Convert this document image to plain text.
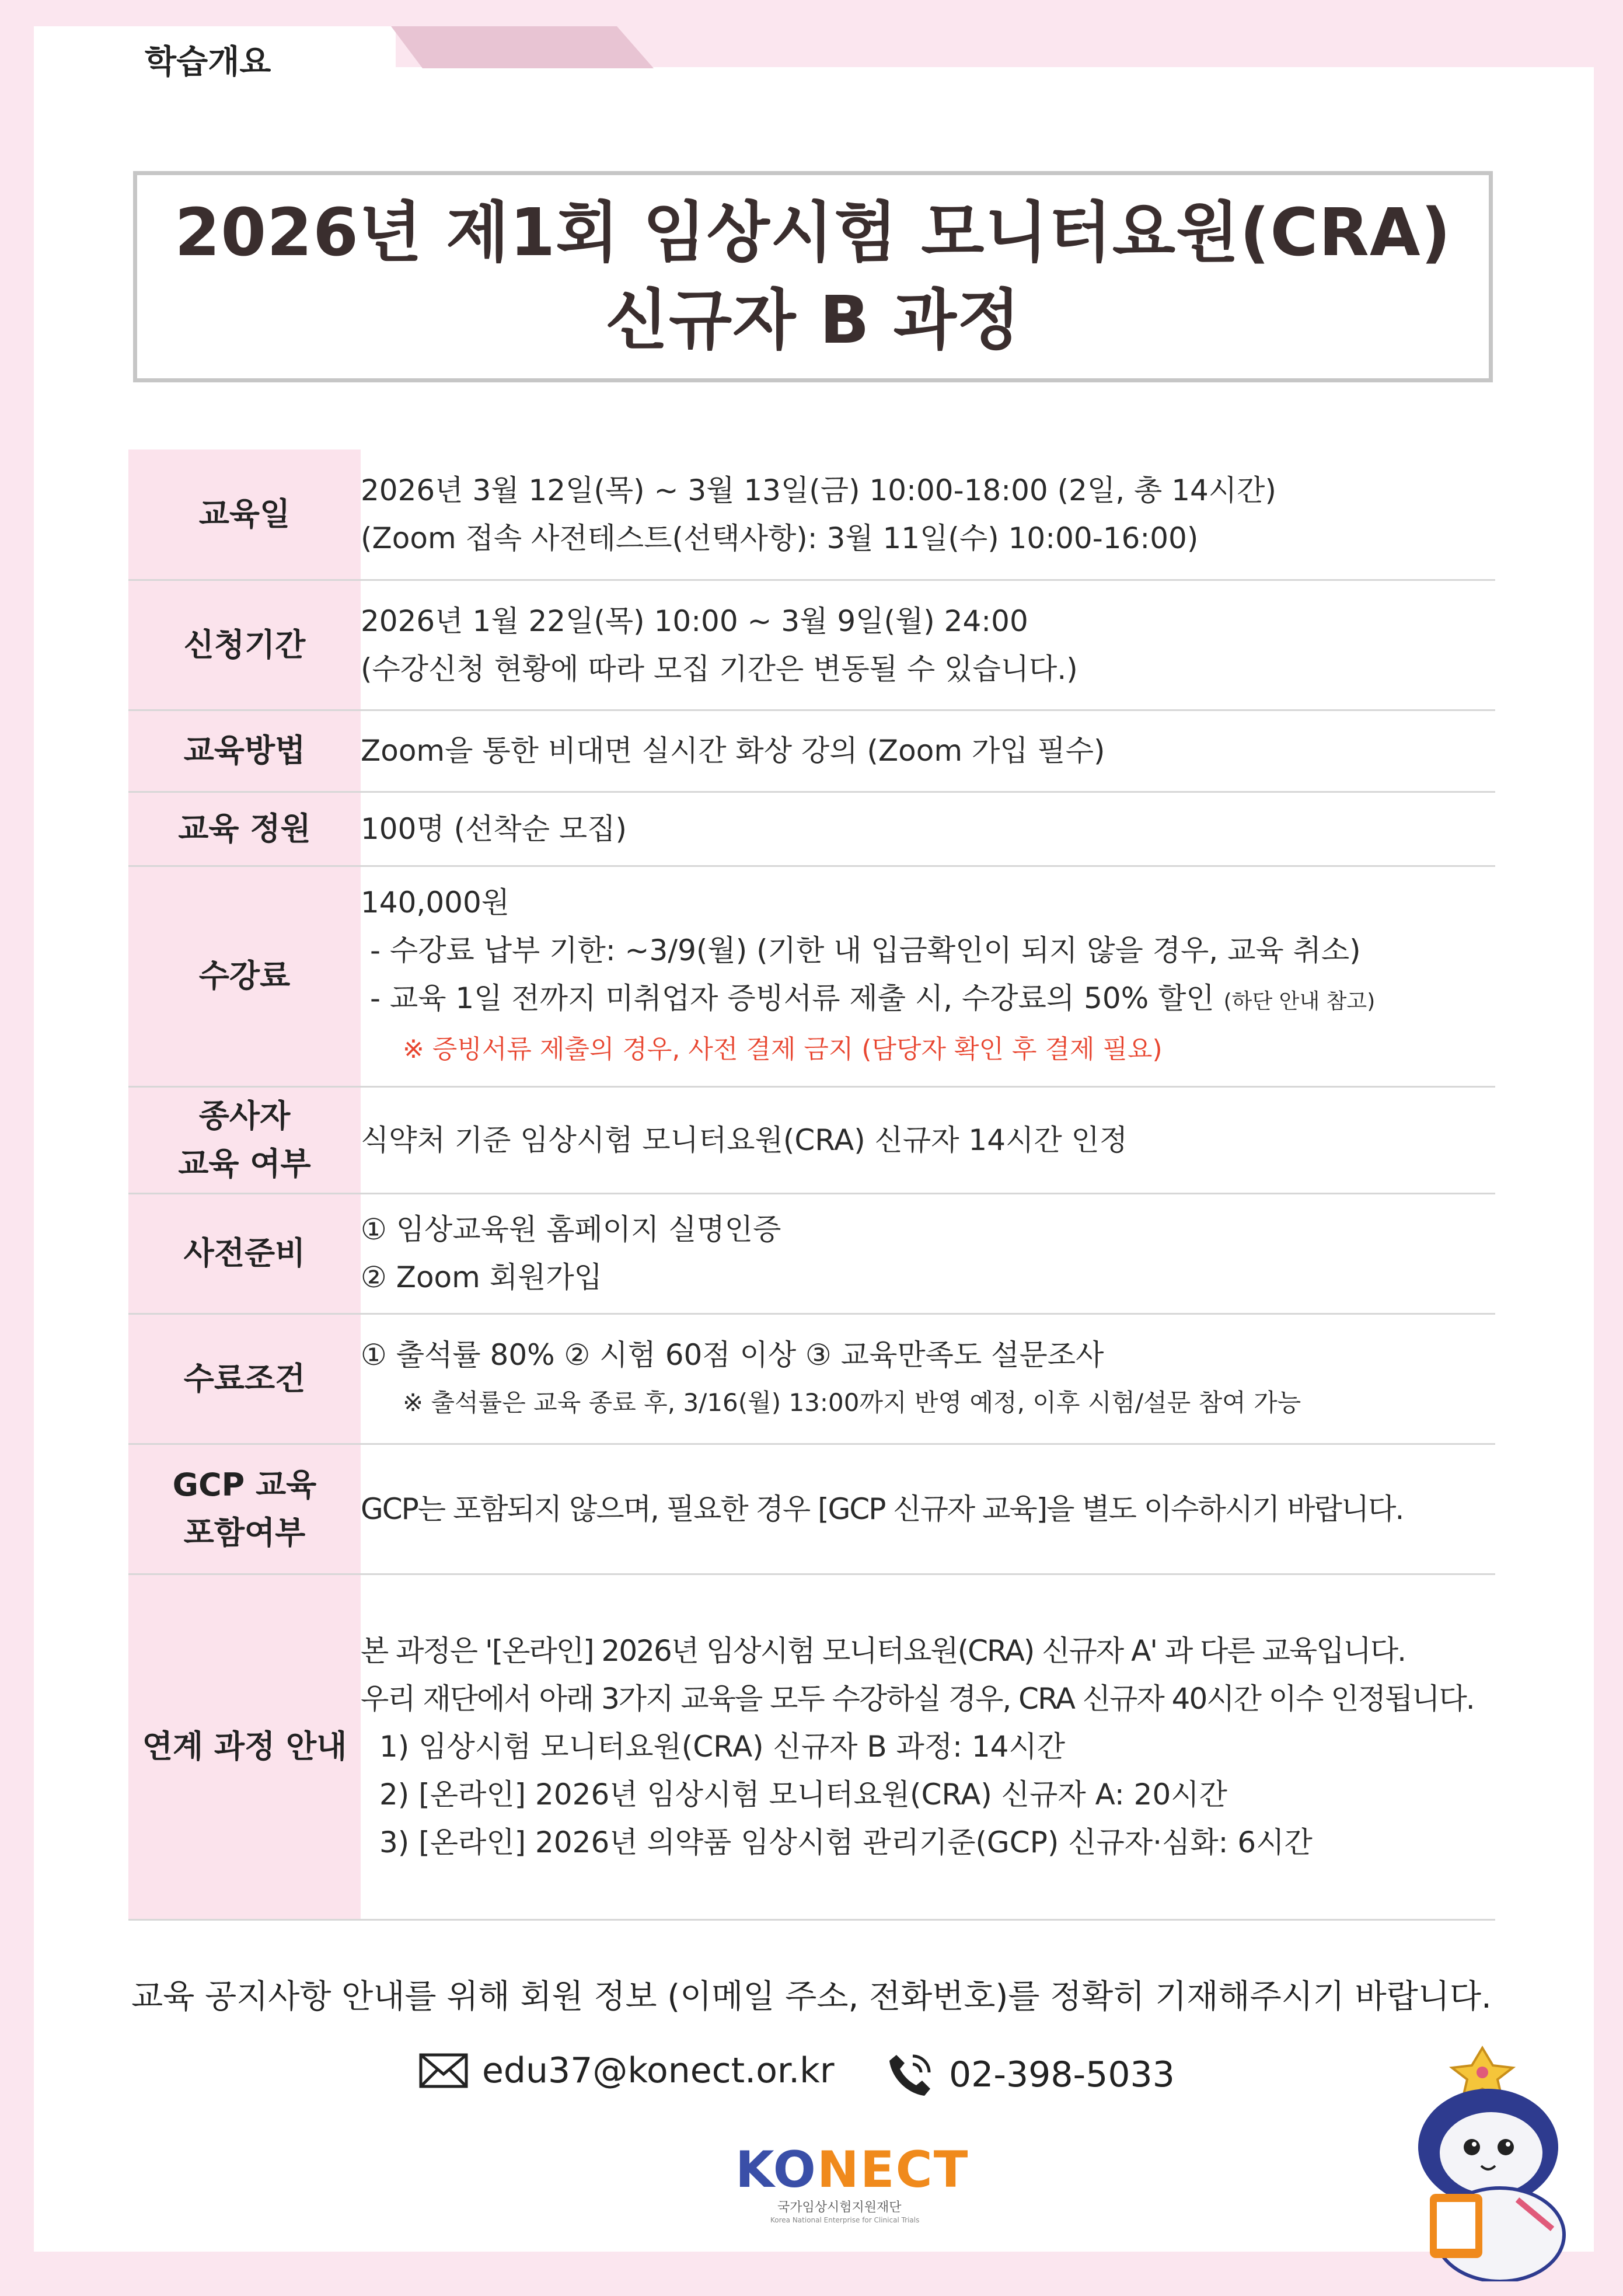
학습개요
2026년 제1회 임상시험 모니터요원(CRA)
신규자 B 과정
교육일	2026년 3월 12일(목) ~ 3월 13일(금) 10:00-18:00 (2일, 총 14시간)
(Zoom 접속 사전테스트(선택사항): 3월 11일(수) 10:00-16:00)

신청기간	2026년 1월 22일(목) 10:00 ~ 3월 9일(월) 24:00
(수강신청 현황에 따라 모집 기간은 변동될 수 있습니다.)

교육방법	Zoom을 통한 비대면 실시간 화상 강의 (Zoom 가입 필수)
교육 정원	100명 (선착순 모집)
수강료	140,000원
- 수강료 납부 기한: ~3/9(월) (기한 내 입금확인이 되지 않을 경우, 교육 취소)
- 교육 1일 전까지 미취업자 증빙서류 제출 시, 수강료의 50% 할인 (하단 안내 참고)
※ 증빙서류 제출의 경우, 사전 결제 금지 (담당자 확인 후 결제 필요)

종사자
교육 여부	식약처 기준 임상시험 모니터요원(CRA) 신규자 14시간 인정
사전준비	① 임상교육원 홈페이지 실명인증
② Zoom 회원가입

수료조건	① 출석률 80% ② 시험 60점 이상 ③ 교육만족도 설문조사
※ 출석률은 교육 종료 후, 3/16(월) 13:00까지 반영 예정, 이후 시험/설문 참여 가능

GCP 교육
포함여부	GCP는 포함되지 않으며, 필요한 경우 [GCP 신규자 교육]을 별도 이수하시기 바랍니다.
연계 과정 안내	본 과정은 '[온라인] 2026년 임상시험 모니터요원(CRA) 신규자 A' 과 다른 교육입니다.
우리 재단에서 아래 3가지 교육을 모두 수강하실 경우, CRA 신규자 40시간 이수 인정됩니다.
1) 임상시험 모니터요원(CRA) 신규자 B 과정: 14시간
2) [온라인] 2026년 임상시험 모니터요원(CRA) 신규자 A: 20시간
3) [온라인] 2026년 의약품 임상시험 관리기준(GCP) 신규자·심화: 6시간
교육 공지사항 안내를 위해 회원 정보 (이메일 주소, 전화번호)를 정확히 기재해주시기 바랍니다.
edu37@konect.or.kr	02-398-5033
KONECT
국가임상시험지원재단
Korea National Enterprise for Clinical Trials
